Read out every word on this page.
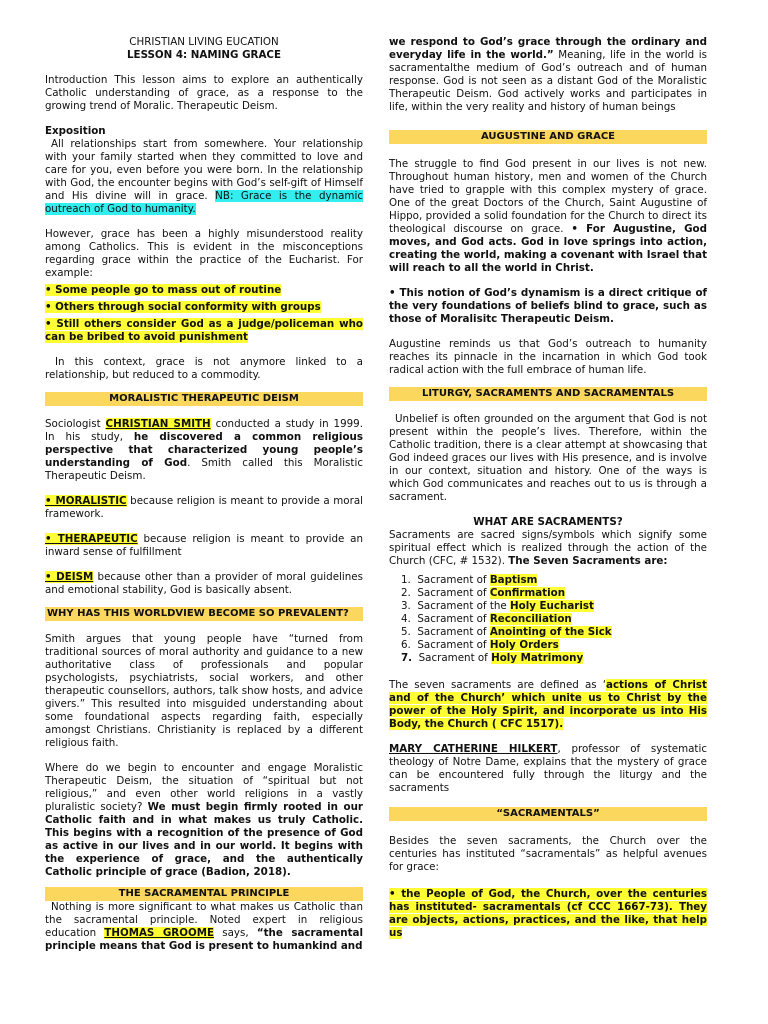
CHRISTIAN LIVING EUCATION

LESSON 4: NAMING GRACE

Introduction This lesson aims to explore an authentically Catholic understanding of grace, as a response to the growing trend of Moralic. Therapeutic Deism.

Exposition

All relationships start from somewhere. Your relationship with your family started when they committed to love and care for you, even before you were born. In the relationship with God, the encounter begins with God’s self-gift of Himself and His divine will in grace. NB: Grace is the dynamic outreach of God to humanity.

However, grace has been a highly misunderstood reality among Catholics. This is evident in the misconceptions regarding grace within the practice of the Eucharist. For example:

• Some people go to mass out of routine

• Others through social conformity with groups

• Still others consider God as a judge/policeman who can be bribed to avoid punishment

In this context, grace is not anymore linked to a relationship, but reduced to a commodity.

MORALISTIC THERAPEUTIC DEISM

Sociologist CHRISTIAN SMITH conducted a study in 1999. In his study, he discovered a common religious perspective that characterized young people’s understanding of God. Smith called this Moralistic Therapeutic Deism.

• MORALISTIC because religion is meant to provide a moral framework.

• THERAPEUTIC because religion is meant to provide an inward sense of fulfillment

• DEISM because other than a provider of moral guidelines and emotional stability, God is basically absent.

WHY HAS THIS WORLDVIEW BECOME SO PREVALENT?

Smith argues that young people have “turned from traditional sources of moral authority and guidance to a new authoritative class of professionals and popular psychologists, psychiatrists, social workers, and other therapeutic counsellors, authors, talk show hosts, and advice givers.” This resulted into misguided understanding about some foundational aspects regarding faith, especially amongst Christians. Christianity is replaced by a different religious faith.

Where do we begin to encounter and engage Moralistic Therapeutic Deism, the situation of “spiritual but not religious,” and even other world religions in a vastly pluralistic society? We must begin firmly rooted in our Catholic faith and in what makes us truly Catholic. This begins with a recognition of the presence of God as active in our lives and in our world. It begins with the experience of grace, and the authentically Catholic principle of grace (Badion, 2018).

THE SACRAMENTAL PRINCIPLE

Nothing is more significant to what makes us Catholic than the sacramental principle. Noted expert in religious education THOMAS GROOME says, “the sacramental principle means that God is present to humankind and

we respond to God’s grace through the ordinary and everyday life in the world.” Meaning, life in the world is sacramentalthe medium of God’s outreach and of human response. God is not seen as a distant God of the Moralistic Therapeutic Deism. God actively works and participates in life, within the very reality and history of human beings

AUGUSTINE AND GRACE

The struggle to find God present in our lives is not new. Throughout human history, men and women of the Church have tried to grapple with this complex mystery of grace. One of the great Doctors of the Church, Saint Augustine of Hippo, provided a solid foundation for the Church to direct its theological discourse on grace. • For Augustine, God moves, and God acts. God in love springs into action, creating the world, making a covenant with Israel that will reach to all the world in Christ.

• This notion of God’s dynamism is a direct critique of the very foundations of beliefs blind to grace, such as those of Moralisitc Therapeutic Deism.

Augustine reminds us that God’s outreach to humanity reaches its pinnacle in the incarnation in which God took radical action with the full embrace of human life.

LITURGY, SACRAMENTS AND SACRAMENTALS

Unbelief is often grounded on the argument that God is not present within the people’s lives. Therefore, within the Catholic tradition, there is a clear attempt at showcasing that God indeed graces our lives with His presence, and is involve in our context, situation and history. One of the ways is which God communicates and reaches out to us is through a sacrament.

WHAT ARE SACRAMENTS?

Sacraments are sacred signs/symbols which signify some spiritual effect which is realized through the action of the Church (CFC, # 1532). The Seven Sacraments are:

1. Sacrament of Baptism
2. Sacrament of Confirmation
3. Sacrament of the Holy Eucharist
4. Sacrament of Reconciliation
5. Sacrament of Anointing of the Sick
6. Sacrament of Holy Orders
7. Sacrament of Holy Matrimony

The seven sacraments are defined as ‘actions of Christ and of the Church’ which unite us to Christ by the power of the Holy Spirit, and incorporate us into His Body, the Church ( CFC 1517).

MARY CATHERINE HILKERT, professor of systematic theology of Notre Dame, explains that the mystery of grace can be encountered fully through the liturgy and the sacraments

“SACRAMENTALS”

Besides the seven sacraments, the Church over the centuries has instituted “sacramentals” as helpful avenues for grace:

• the People of God, the Church, over the centuries has instituted- sacramentals (cf CCC 1667-73). They are objects, actions, practices, and the like, that help us
